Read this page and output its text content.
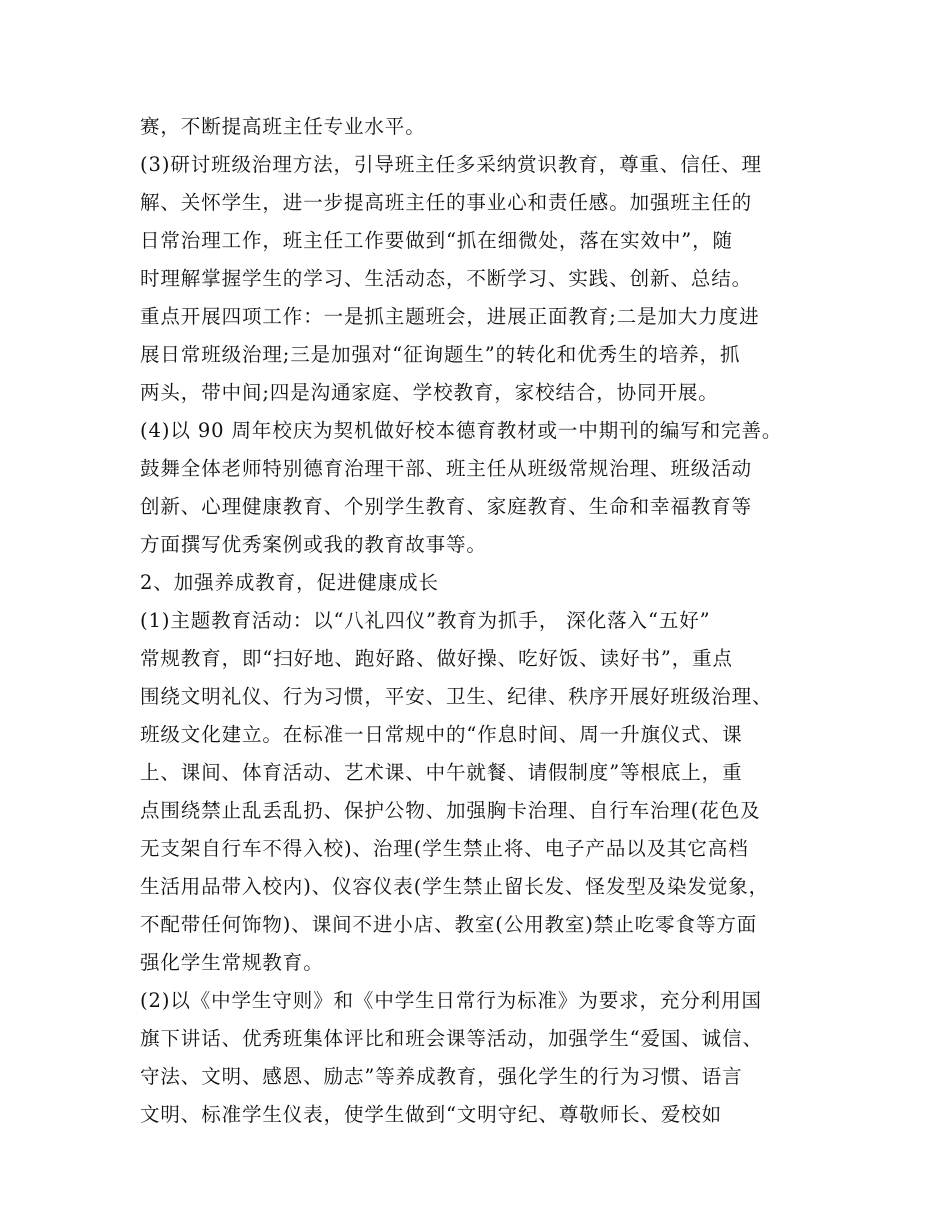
赛，不断提高班主任专业水平。
(3)研讨班级治理方法，引导班主任多采纳赏识教育，尊重、信任、理
解、关怀学生，进一步提高班主任的事业心和责任感。加强班主任的
日常治理工作，班主任工作要做到“抓在细微处，落在实效中”，随
时理解掌握学生的学习、生活动态，不断学习、实践、创新、总结。
重点开展四项工作：一是抓主题班会，进展正面教育;二是加大力度进
展日常班级治理;三是加强对“征询题生”的转化和优秀生的培养，抓
两头，带中间;四是沟通家庭、学校教育，家校结合，协同开展。
(4)以 90 周年校庆为契机做好校本德育教材或一中期刊的编写和完善。
鼓舞全体老师特别德育治理干部、班主任从班级常规治理、班级活动
创新、心理健康教育、个别学生教育、家庭教育、生命和幸福教育等
方面撰写优秀案例或我的教育故事等。
2、加强养成教育，促进健康成长
(1)主题教育活动：以“八礼四仪”教育为抓手， 深化落入“五好”
常规教育，即“扫好地、跑好路、做好操、吃好饭、读好书”，重点
围绕文明礼仪、行为习惯，平安、卫生、纪律、秩序开展好班级治理、
班级文化建立。在标准一日常规中的“作息时间、周一升旗仪式、课
上、课间、体育活动、艺术课、中午就餐、请假制度”等根底上，重
点围绕禁止乱丢乱扔、保护公物、加强胸卡治理、自行车治理(花色及
无支架自行车不得入校)、治理(学生禁止将、电子产品以及其它高档
生活用品带入校内)、仪容仪表(学生禁止留长发、怪发型及染发觉象，
不配带任何饰物)、课间不进小店、教室(公用教室)禁止吃零食等方面
强化学生常规教育。
(2)以《中学生守则》和《中学生日常行为标准》为要求，充分利用国
旗下讲话、优秀班集体评比和班会课等活动，加强学生“爱国、诚信、
守法、文明、感恩、励志”等养成教育，强化学生的行为习惯、语言
文明、标准学生仪表，使学生做到“文明守纪、尊敬师长、爱校如
